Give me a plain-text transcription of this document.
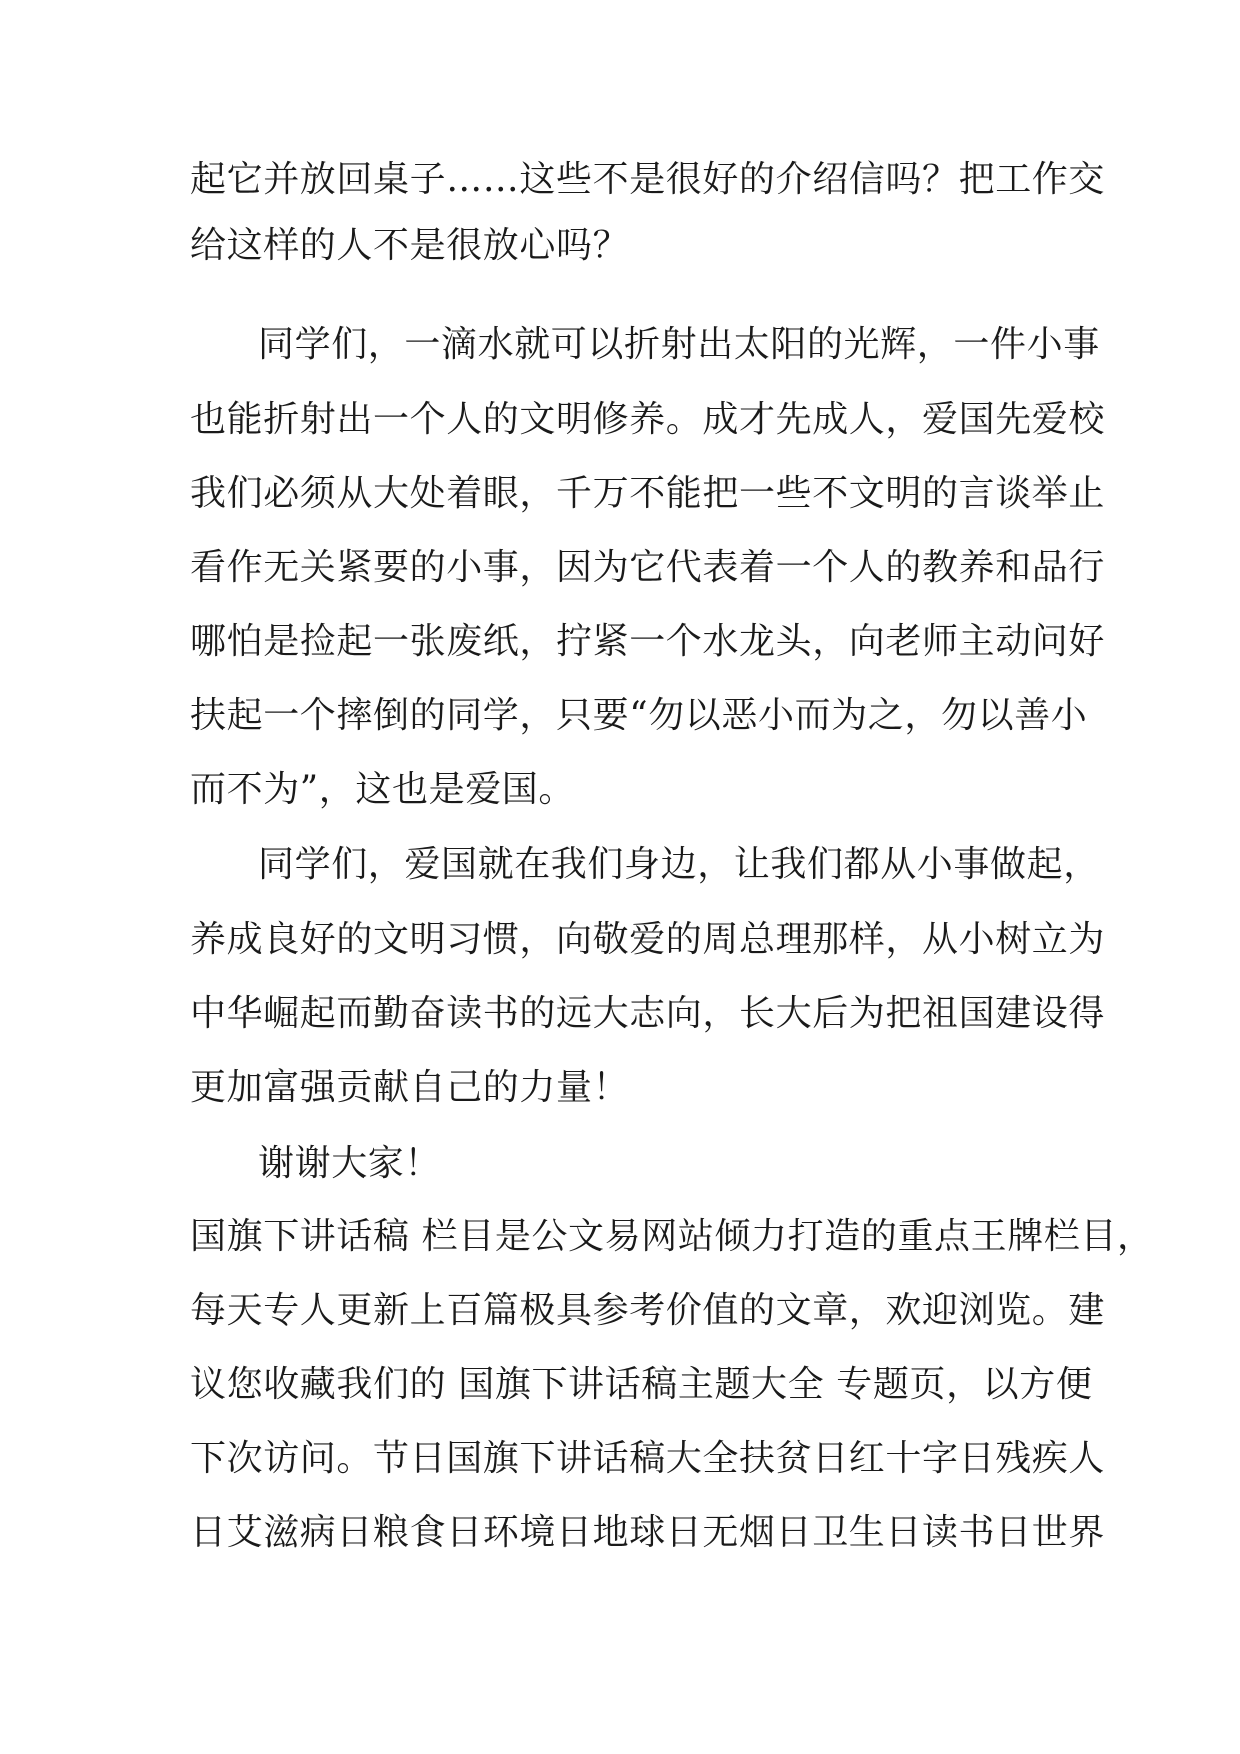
起它并放回桌子……这些不是很好的介绍信吗？把工作交
给这样的人不是很放心吗？
同学们，一滴水就可以折射出太阳的光辉，一件小事
也能折射出一个人的文明修养。成才先成人，爱国先爱校
我们必须从大处着眼，千万不能把一些不文明的言谈举止
看作无关紧要的小事，因为它代表着一个人的教养和品行
哪怕是捡起一张废纸，拧紧一个水龙头，向老师主动问好
扶起一个摔倒的同学，只要“勿以恶小而为之，勿以善小
而不为”，这也是爱国。
同学们，爱国就在我们身边，让我们都从小事做起，
养成良好的文明习惯，向敬爱的周总理那样，从小树立为
中华崛起而勤奋读书的远大志向，长大后为把祖国建设得
更加富强贡献自己的力量！
谢谢大家！
国旗下讲话稿 栏目是公文易网站倾力打造的重点王牌栏目，
每天专人更新上百篇极具参考价值的文章，欢迎浏览。建
议您收藏我们的 国旗下讲话稿主题大全 专题页，以方便
下次访问。节日国旗下讲话稿大全扶贫日红十字日残疾人
日艾滋病日粮食日环境日地球日无烟日卫生日读书日世界
